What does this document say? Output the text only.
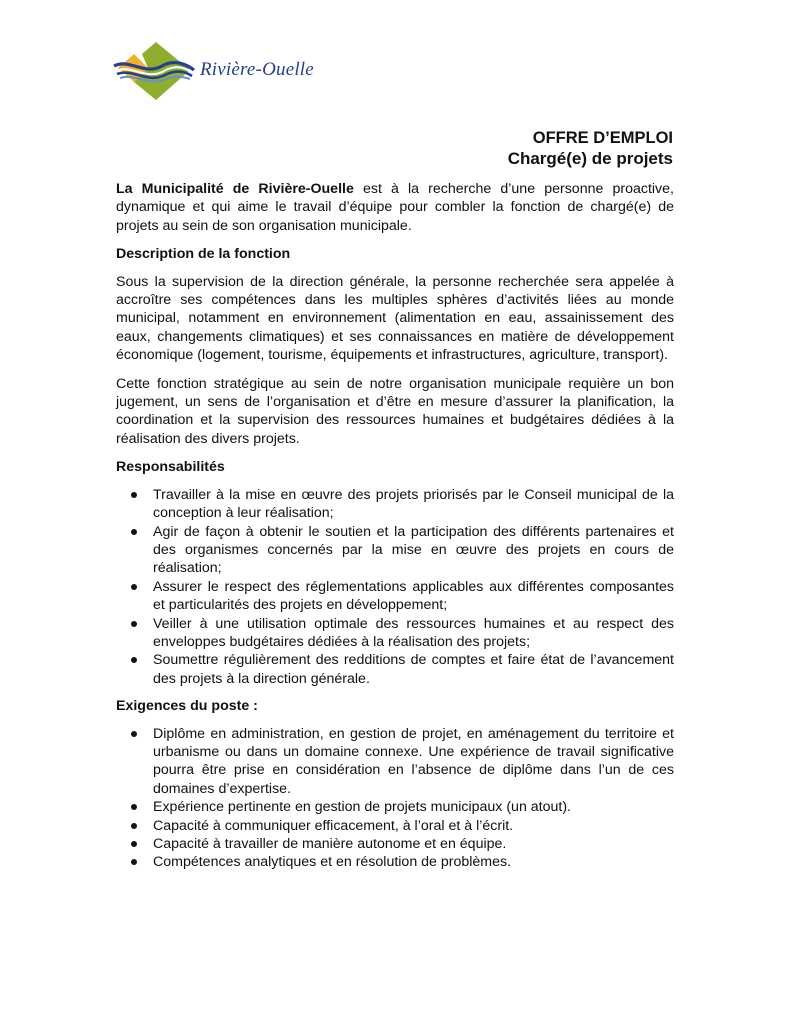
Rivière-Ouelle
OFFRE D’EMPLOI
Chargé(e) de projets

La Municipalité de Rivière-Ouelle est à la recherche d’une personne proactive, dynamique et qui aime le travail d’équipe pour combler la fonction de chargé(e) de projets au sein de son organisation municipale.

Description de la fonction

Sous la supervision de la direction générale, la personne recherchée sera appelée à accroître ses compétences dans les multiples sphères d’activités liées au monde municipal, notamment en environnement (alimentation en eau, assainissement des eaux, changements climatiques) et ses connaissances en matière de développement économique (logement, tourisme, équipements et infrastructures, agriculture, transport).

Cette fonction stratégique au sein de notre organisation municipale requière un bon jugement, un sens de l’organisation et d’être en mesure d’assurer la planification, la coordination et la supervision des ressources humaines et budgétaires dédiées à la réalisation des divers projets.

Responsabilités
Travailler à la mise en œuvre des projets priorisés par le Conseil municipal de la conception à leur réalisation;
Agir de façon à obtenir le soutien et la participation des différents partenaires et des organismes concernés par la mise en œuvre des projets en cours de réalisation;
Assurer le respect des réglementations applicables aux différentes composantes et particularités des projets en développement;
Veiller à une utilisation optimale des ressources humaines et au respect des enveloppes budgétaires dédiées à la réalisation des projets;
Soumettre régulièrement des redditions de comptes et faire état de l’avancement des projets à la direction générale.
Exigences du poste :
Diplôme en administration, en gestion de projet, en aménagement du territoire et urbanisme ou dans un domaine connexe. Une expérience de travail significative pourra être prise en considération en l’absence de diplôme dans l’un de ces domaines d’expertise.
Expérience pertinente en gestion de projets municipaux (un atout).
Capacité à communiquer efficacement, à l’oral et à l’écrit.
Capacité à travailler de manière autonome et en équipe.
Compétences analytiques et en résolution de problèmes.
